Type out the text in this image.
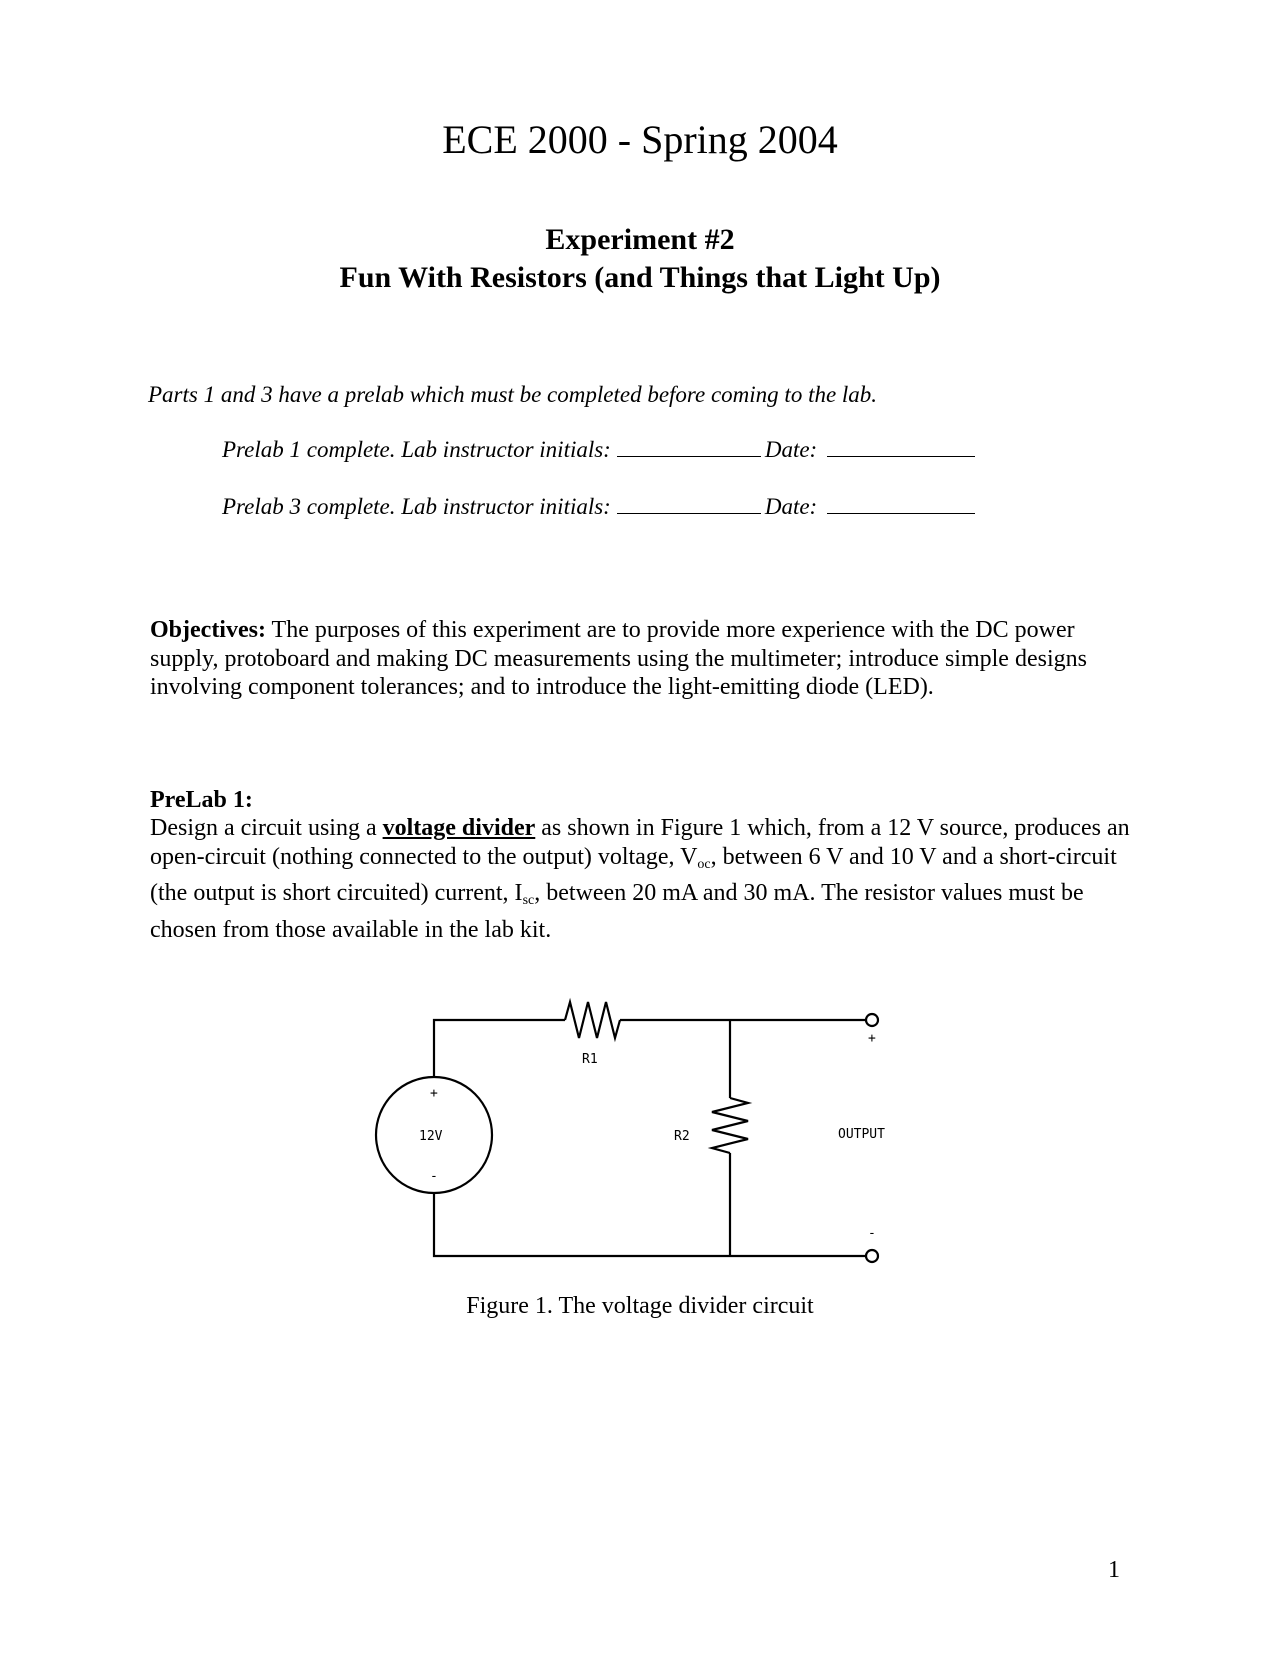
ECE 2000 - Spring 2004
Experiment #2
Fun With Resistors (and Things that Light Up)
Parts 1 and 3 have a prelab which must be completed before coming to the lab.
Prelab 1 complete. Lab instructor initials:	Date:
Prelab 3 complete. Lab instructor initials:	Date:
Objectives: The purposes of this experiment are to provide more experience with the DC power supply, protoboard and making DC measurements using the multimeter; introduce simple designs involving component tolerances; and to introduce the light-emitting diode (LED).
PreLab 1:
Design a circuit using a voltage divider as shown in Figure 1 which, from a 12 V source, produces an open-circuit (nothing connected to the output) voltage, $V_{oc}$, between 6 V and 10 V and a short-circuit (the output is short circuited) current, $I_{sc}$, between 20 mA and 30 mA. The resistor values must be chosen from those available in the lab kit.
+
12V
-
R1
R2
+
OUTPUT
-
Figure 1. The voltage divider circuit
1
